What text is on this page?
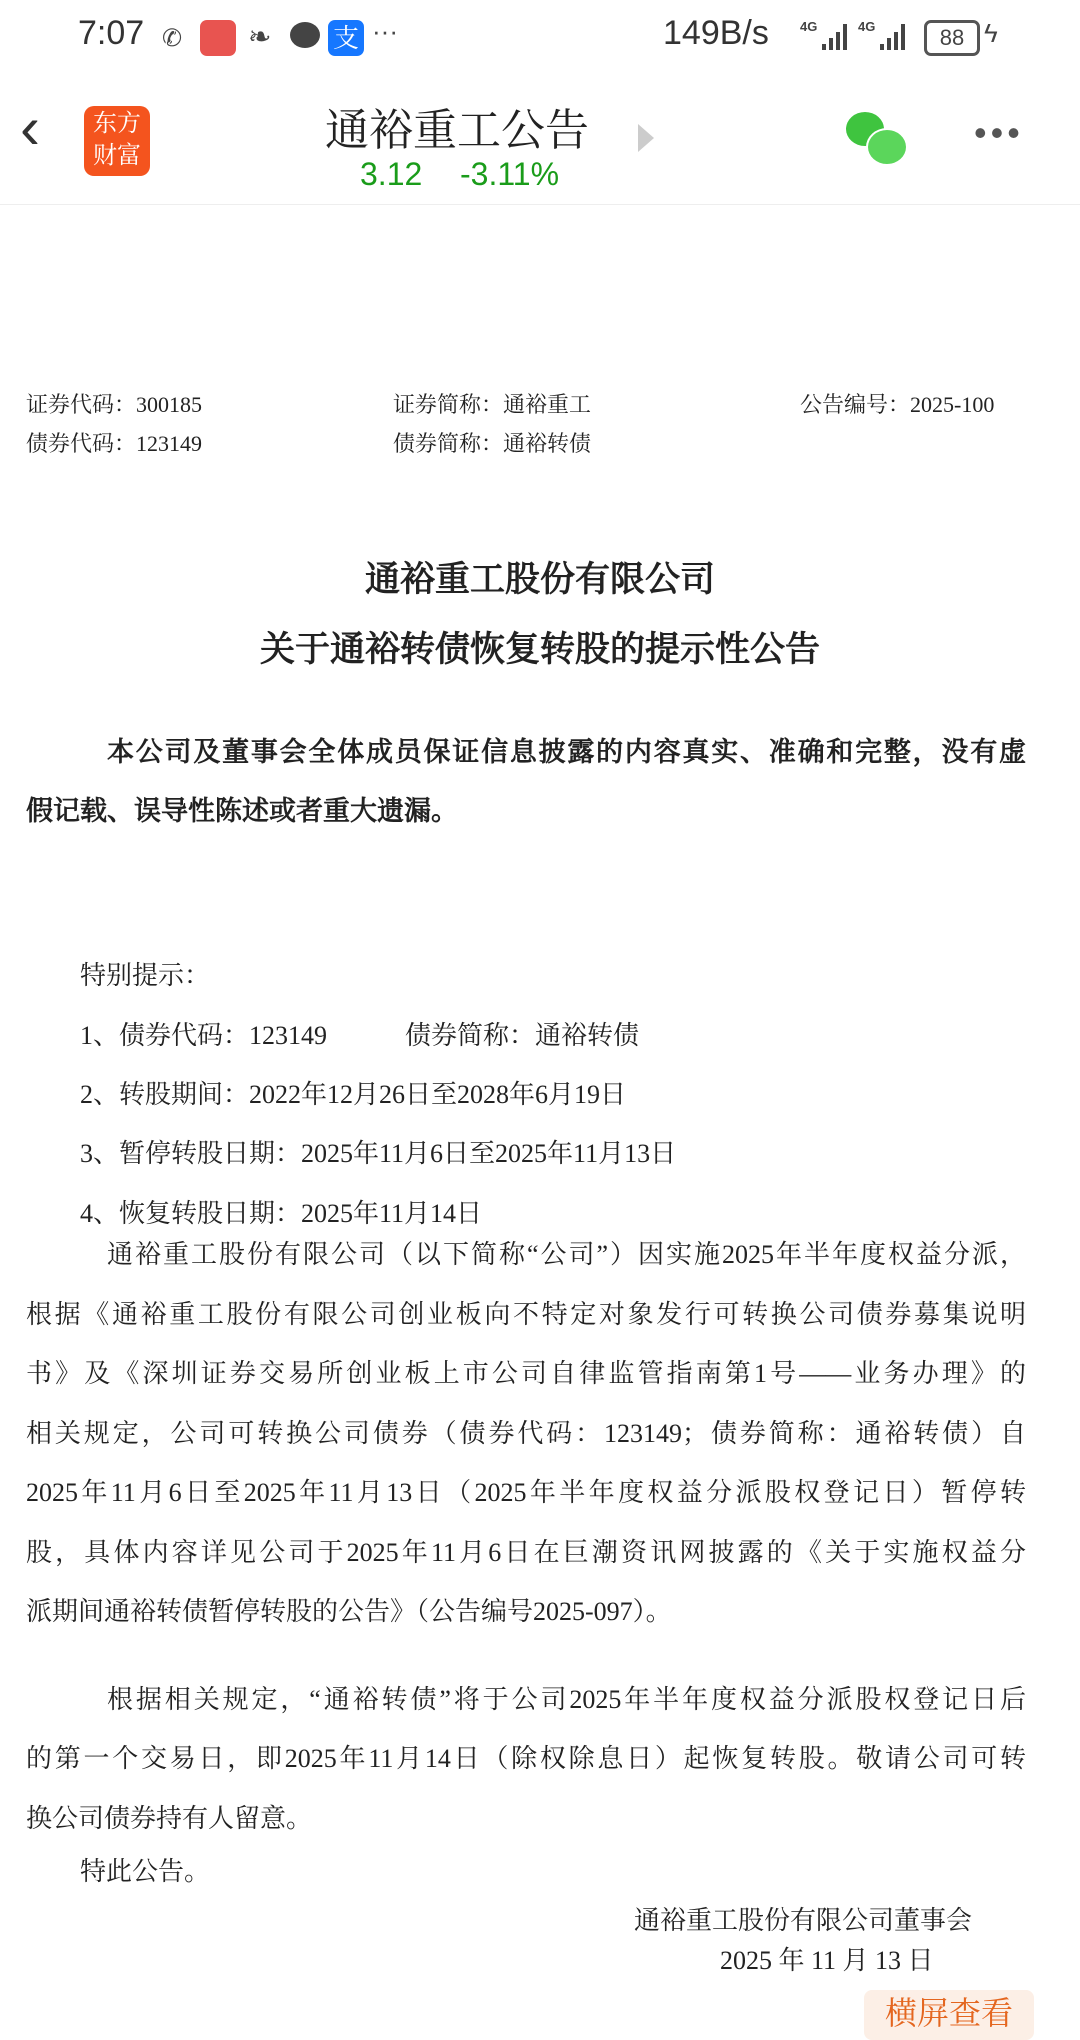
7:07 ✆ ❧ 支 ···	149B/s 4G	4G	88 ϟ
‹	东方
财富
通裕重工公告
3.12 -3.11%
•••
证券代码：300185	证券简称：通裕重工	公告编号：2025-100
债券代码：123149	债券简称：通裕转债
通裕重工股份有限公司
关于通裕转债恢复转股的提示性公告
本公司及董事会全体成员保证信息披露的内容真实、准确和完整，没有虚
假记载、误导性陈述或者重大遗漏。
特别提示：
1、债券代码：123149　　　债券简称：通裕转债
2、转股期间：2022年12月26日至2028年6月19日
3、暂停转股日期：2025年11月6日至2025年11月13日
4、恢复转股日期：2025年11月14日
通裕重工股份有限公司（以下简称“公司”）因实施2025年半年度权益分派，
根据《通裕重工股份有限公司创业板向不特定对象发行可转换公司债券募集说明
书》及《深圳证券交易所创业板上市公司自律监管指南第1号——业务办理》的
相关规定，公司可转换公司债券（债券代码：123149；债券简称：通裕转债）自
2025年11月6日至2025年11月13日（2025年半年度权益分派股权登记日）暂停转
股，具体内容详见公司于2025年11月6日在巨潮资讯网披露的《关于实施权益分
派期间通裕转债暂停转股的公告》（公告编号2025-097）。
根据相关规定，“通裕转债”将于公司2025年半年度权益分派股权登记日后
的第一个交易日，即2025年11月14日（除权除息日）起恢复转股。敬请公司可转
换公司债券持有人留意。
特此公告。
通裕重工股份有限公司董事会
2025 年 11 月 13 日
横屏查看
